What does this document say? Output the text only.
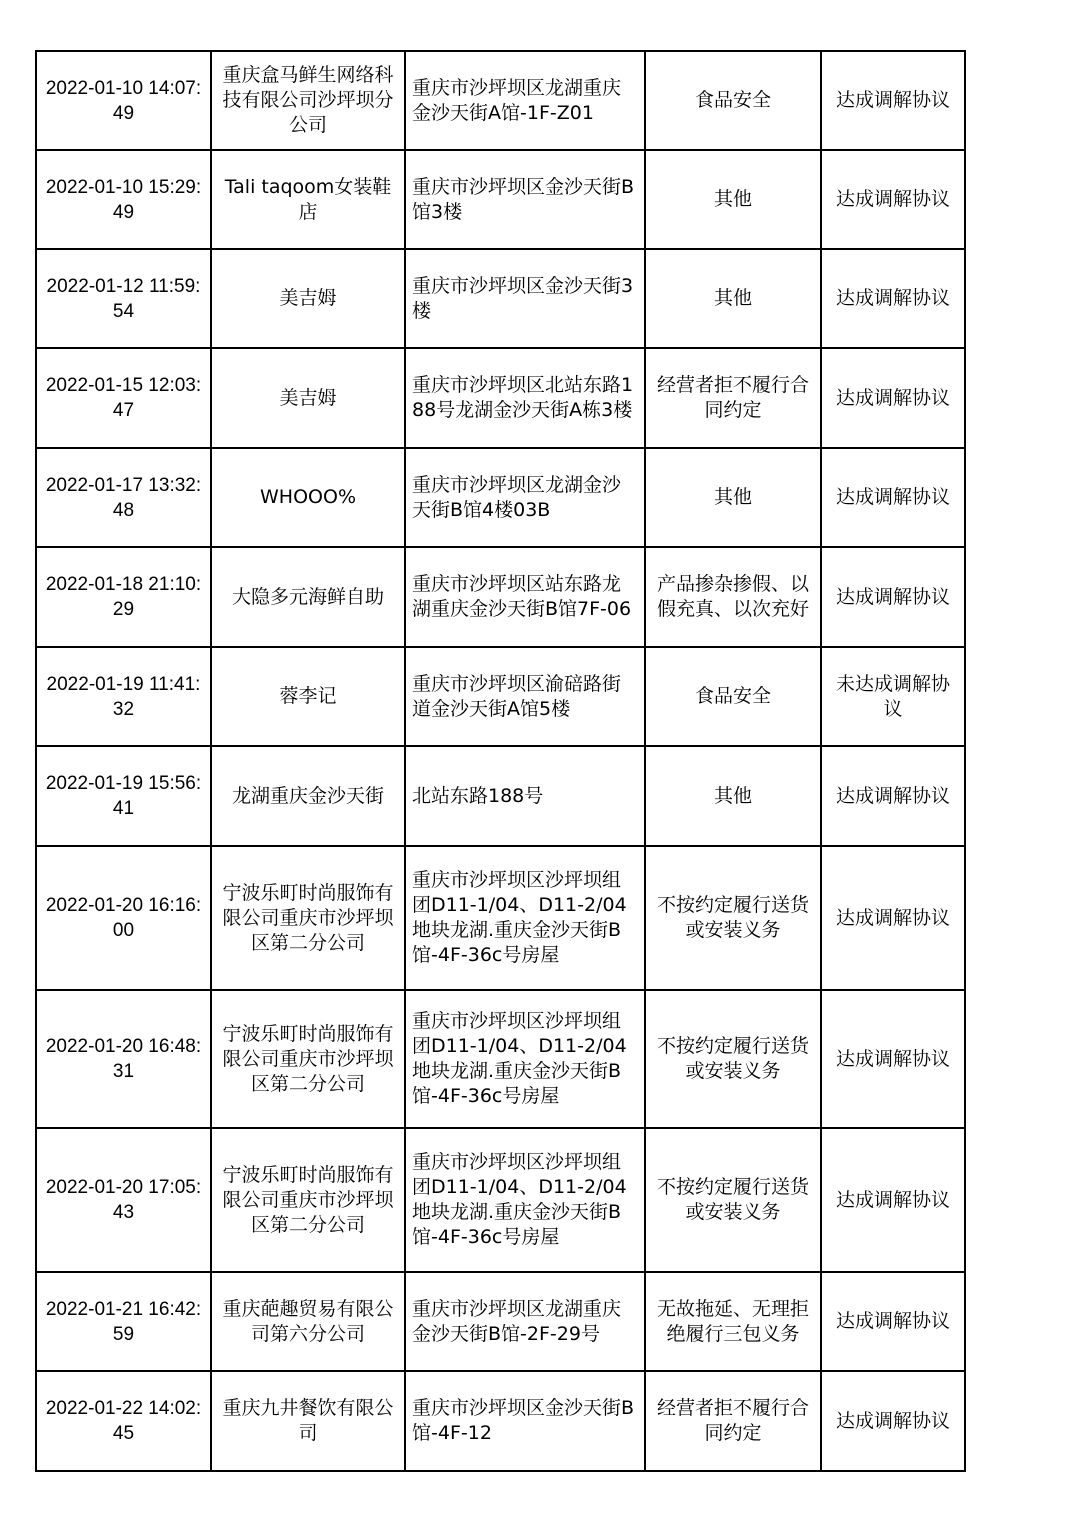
2022-01-10 14:07:49	重庆盒马鲜生网络科技有限公司沙坪坝分公司	重庆市沙坪坝区龙湖重庆金沙天街A馆-1F-Z01	食品安全	达成调解协议
2022-01-10 15:29:49	Tali taqoom女装鞋店	重庆市沙坪坝区金沙天街B馆3楼	其他	达成调解协议
2022-01-12 11:59:54	美吉姆	重庆市沙坪坝区金沙天街3楼	其他	达成调解协议
2022-01-15 12:03:47	美吉姆	重庆市沙坪坝区北站东路188号龙湖金沙天街A栋3楼	经营者拒不履行合同约定	达成调解协议
2022-01-17 13:32:48	WHOOO%	重庆市沙坪坝区龙湖金沙天街B馆4楼03B	其他	达成调解协议
2022-01-18 21:10:29	大隐多元海鲜自助	重庆市沙坪坝区站东路龙湖重庆金沙天街B馆7F-06	产品掺杂掺假、以假充真、以次充好	达成调解协议
2022-01-19 11:41:32	蓉李记	重庆市沙坪坝区渝碚路街道金沙天街A馆5楼	食品安全	未达成调解协议
2022-01-19 15:56:41	龙湖重庆金沙天街	北站东路188号	其他	达成调解协议
2022-01-20 16:16:00	宁波乐町时尚服饰有限公司重庆市沙坪坝区第二分公司	重庆市沙坪坝区沙坪坝组团D11-1/04、D11-2/04地块龙湖.重庆金沙天街B馆-4F-36c号房屋	不按约定履行送货或安装义务	达成调解协议
2022-01-20 16:48:31	宁波乐町时尚服饰有限公司重庆市沙坪坝区第二分公司	重庆市沙坪坝区沙坪坝组团D11-1/04、D11-2/04地块龙湖.重庆金沙天街B馆-4F-36c号房屋	不按约定履行送货或安装义务	达成调解协议
2022-01-20 17:05:43	宁波乐町时尚服饰有限公司重庆市沙坪坝区第二分公司	重庆市沙坪坝区沙坪坝组团D11-1/04、D11-2/04地块龙湖.重庆金沙天街B馆-4F-36c号房屋	不按约定履行送货或安装义务	达成调解协议
2022-01-21 16:42:59	重庆葩趣贸易有限公司第六分公司	重庆市沙坪坝区龙湖重庆金沙天街B馆-2F-29号	无故拖延、无理拒绝履行三包义务	达成调解协议
2022-01-22 14:02:45	重庆九井餐饮有限公司	重庆市沙坪坝区金沙天街B馆-4F-12	经营者拒不履行合同约定	达成调解协议
